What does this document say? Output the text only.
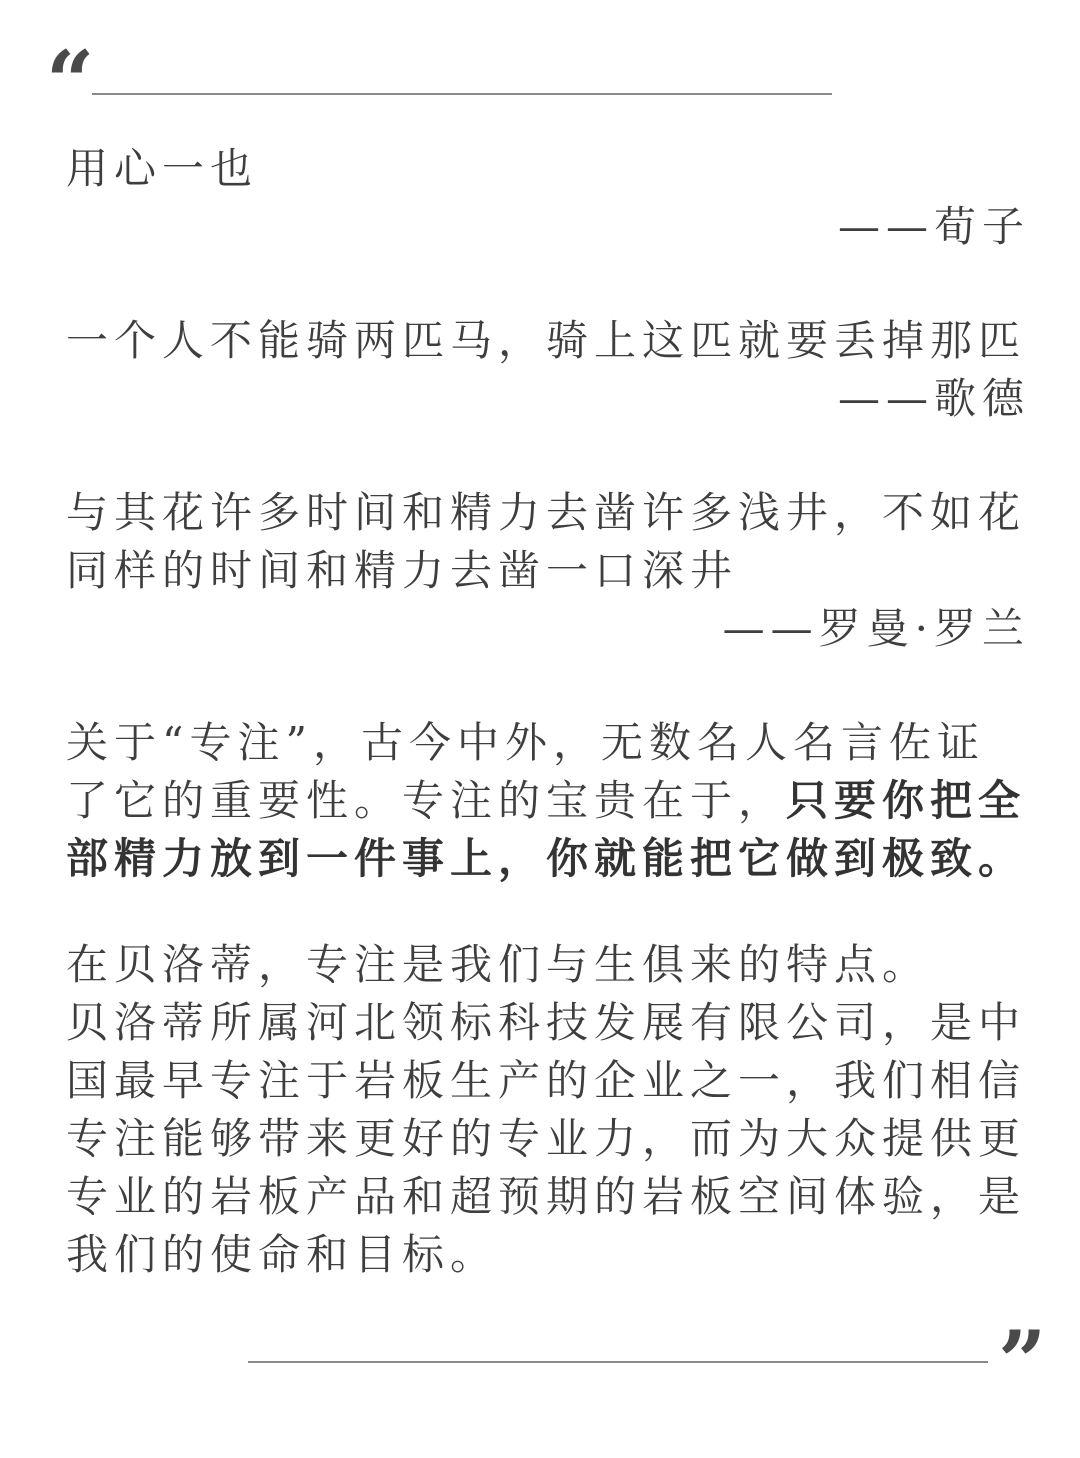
“

用心一也

——荀子

一个人不能骑两匹马，骑上这匹就要丢掉那匹

——歌德

与其花许多时间和精力去凿许多浅井，不如花

同样的时间和精力去凿一口深井

——罗曼·罗兰

关于“专注”，古今中外，无数名人名言佐证

了它的重要性。专注的宝贵在于，只要你把全

部精力放到一件事上，你就能把它做到极致。

在贝洛蒂，专注是我们与生俱来的特点。

贝洛蒂所属河北领标科技发展有限公司，是中

国最早专注于岩板生产的企业之一，我们相信

专注能够带来更好的专业力，而为大众提供更

专业的岩板产品和超预期的岩板空间体验，是

我们的使命和目标。

”
